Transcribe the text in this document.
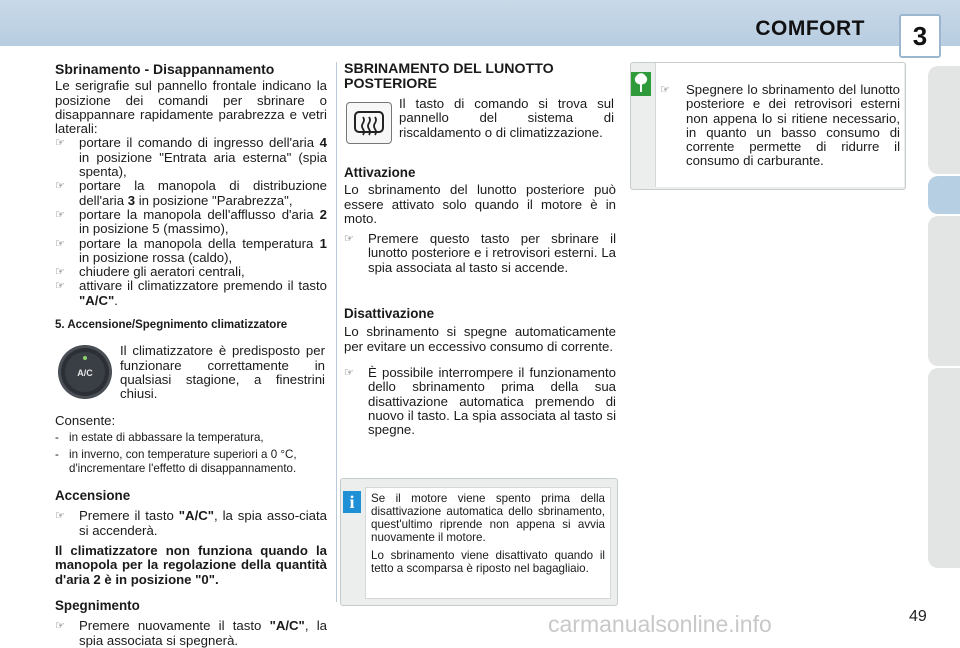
COMFORT	3
Sbrinamento - Disappannamento

Le serigrafie sul pannello frontale indicano la posizione dei comandi per sbrinare o disappannare rapidamente parabrezza e vetri laterali:

☞ portare il comando di ingresso dell'aria 4 in posizione "Entrata aria esterna" (spia spenta),
☞ portare la manopola di distribuzione dell'aria 3 in posizione "Parabrezza",
☞ portare la manopola dell'afflusso d'aria 2 in posizione 5 (massimo),
☞ portare la manopola della temperatura 1 in posizione rossa (caldo),
☞ chiudere gli aeratori centrali,
☞ attivare il climatizzatore premendo il tasto "A/C".
5. Accensione/Spegnimento climatizzatore
A/C

Il climatizzatore è predisposto per funzionare correttamente in qualsiasi stagione, a finestrini chiusi.

Consente:
- in estate di abbassare la temperatura,
- in inverno, con temperature superiori a 0 °C, d'incrementare l'effetto di disappannamento.
Accensione
☞ Premere il tasto "A/C", la spia asso-ciata si accenderà.

Il climatizzatore non funziona quando la manopola per la regolazione della quantità d'aria 2 è in posizione "0".

Spegnimento
☞ Premere nuovamente il tasto "A/C", la spia associata si spegnerà.
SBRINAMENTO DEL LUNOTTO POSTERIORE

Il tasto di comando si trova sul pannello del sistema di riscaldamento o di climatizzazione.

Attivazione

Lo sbrinamento del lunotto posteriore può essere attivato solo quando il motore è in moto.

☞ Premere questo tasto per sbrinare il lunotto posteriore e i retrovisori esterni. La spia associata al tasto si accende.
Disattivazione

Lo sbrinamento si spegne automaticamente per evitare un eccessivo consumo di corrente.

☞ È possibile interrompere il funzionamento dello sbrinamento prima della sua disattivazione automatica premendo di nuovo il tasto. La spia associata al tasto si spegne.
i	Se il motore viene spento prima della disattivazione automatica dello sbrinamento, quest'ultimo riprende non appena si avvia nuovamente il motore.

Lo sbrinamento viene disattivato quando il tetto a scomparsa è riposto nel bagagliaio.

☞ Spegnere lo sbrinamento del lunotto posteriore e dei retrovisori esterni non appena lo si ritiene necessario, in quanto un basso consumo di corrente permette di ridurre il consumo di carburante.
carmanualsonline.info	49
